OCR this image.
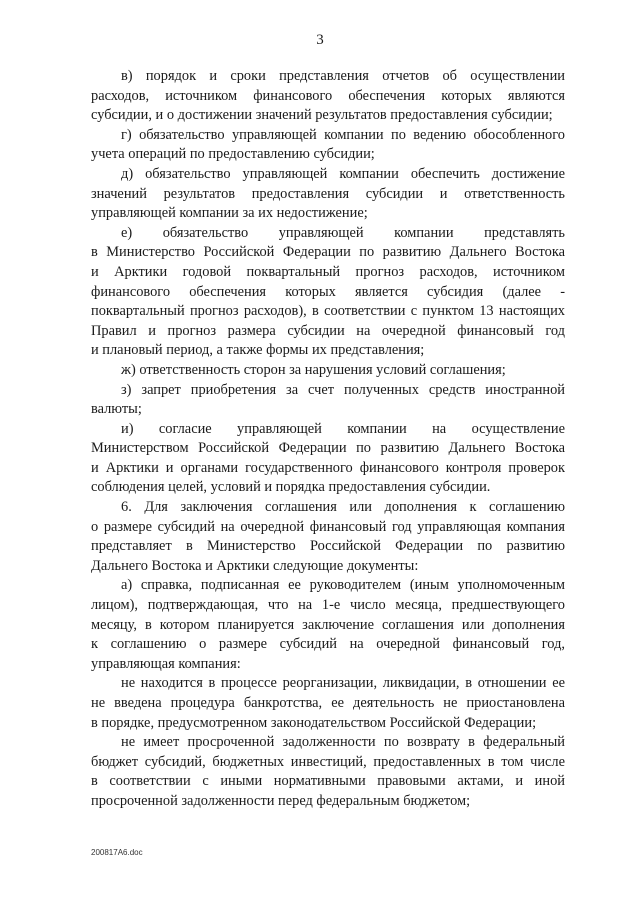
3
в) порядок и сроки представления отчетов об осуществлении
расходов, источником финансового обеспечения которых являются
субсидии, и о достижении значений результатов предоставления субсидии;
г) обязательство управляющей компании по ведению обособленного
учета операций по предоставлению субсидии;
д) обязательство управляющей компании обеспечить достижение
значений результатов предоставления субсидии и ответственность
управляющей компании за их недостижение;
е) обязательство управляющей компании представлять
в Министерство Российской Федерации по развитию Дальнего Востока
и Арктики годовой поквартальный прогноз расходов, источником
финансового обеспечения которых является субсидия (далее -
поквартальный прогноз расходов), в соответствии с пунктом 13 настоящих
Правил и прогноз размера субсидии на очередной финансовый год
и плановый период, а также формы их представления;
ж) ответственность сторон за нарушения условий соглашения;
з) запрет приобретения за счет полученных средств иностранной
валюты;
и) согласие управляющей компании на осуществление
Министерством Российской Федерации по развитию Дальнего Востока
и Арктики и органами государственного финансового контроля проверок
соблюдения целей, условий и порядка предоставления субсидии.
6. Для заключения соглашения или дополнения к соглашению
о размере субсидий на очередной финансовый год управляющая компания
представляет в Министерство Российской Федерации по развитию
Дальнего Востока и Арктики следующие документы:
а) справка, подписанная ее руководителем (иным уполномоченным
лицом), подтверждающая, что на 1-е число месяца, предшествующего
месяцу, в котором планируется заключение соглашения или дополнения
к соглашению о размере субсидий на очередной финансовый год,
управляющая компания:
не находится в процессе реорганизации, ликвидации, в отношении ее
не введена процедура банкротства, ее деятельность не приостановлена
в порядке, предусмотренном законодательством Российской Федерации;
не имеет просроченной задолженности по возврату в федеральный
бюджет субсидий, бюджетных инвестиций, предоставленных в том числе
в соответствии с иными нормативными правовыми актами, и иной
просроченной задолженности перед федеральным бюджетом;
200817A6.doc
